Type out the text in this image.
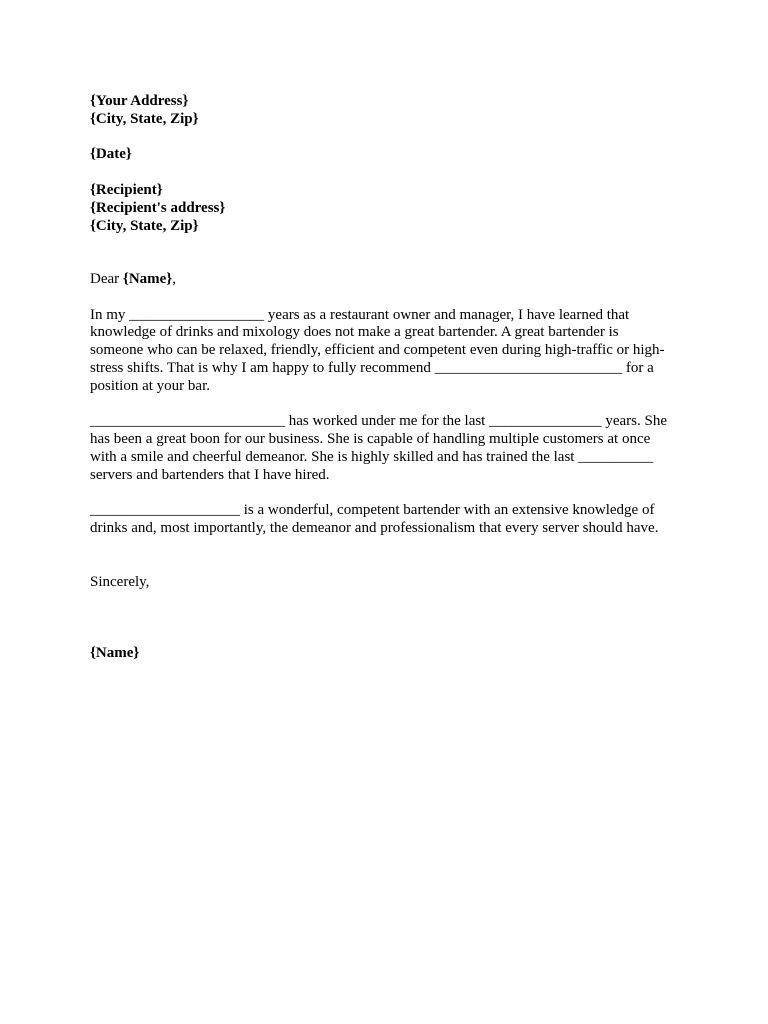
{Your Address}
{City, State, Zip}
{Date}
{Recipient}
{Recipient's address}
{City, State, Zip}
Dear {Name},

In my __________________ years as a restaurant owner and manager, I have learned that

knowledge of drinks and mixology does not make a great bartender. A great bartender is

someone who can be relaxed, friendly, efficient and competent even during high-traffic or high-

stress shifts. That is why I am happy to fully recommend _________________________ for a

position at your bar.

__________________________ has worked under me for the last _______________ years. She

has been a great boon for our business. She is capable of handling multiple customers at once

with a smile and cheerful demeanor. She is highly skilled and has trained the last __________

servers and bartenders that I have hired.

____________________ is a wonderful, competent bartender with an extensive knowledge of

drinks and, most importantly, the demeanor and professionalism that every server should have.

Sincerely,
{Name}
